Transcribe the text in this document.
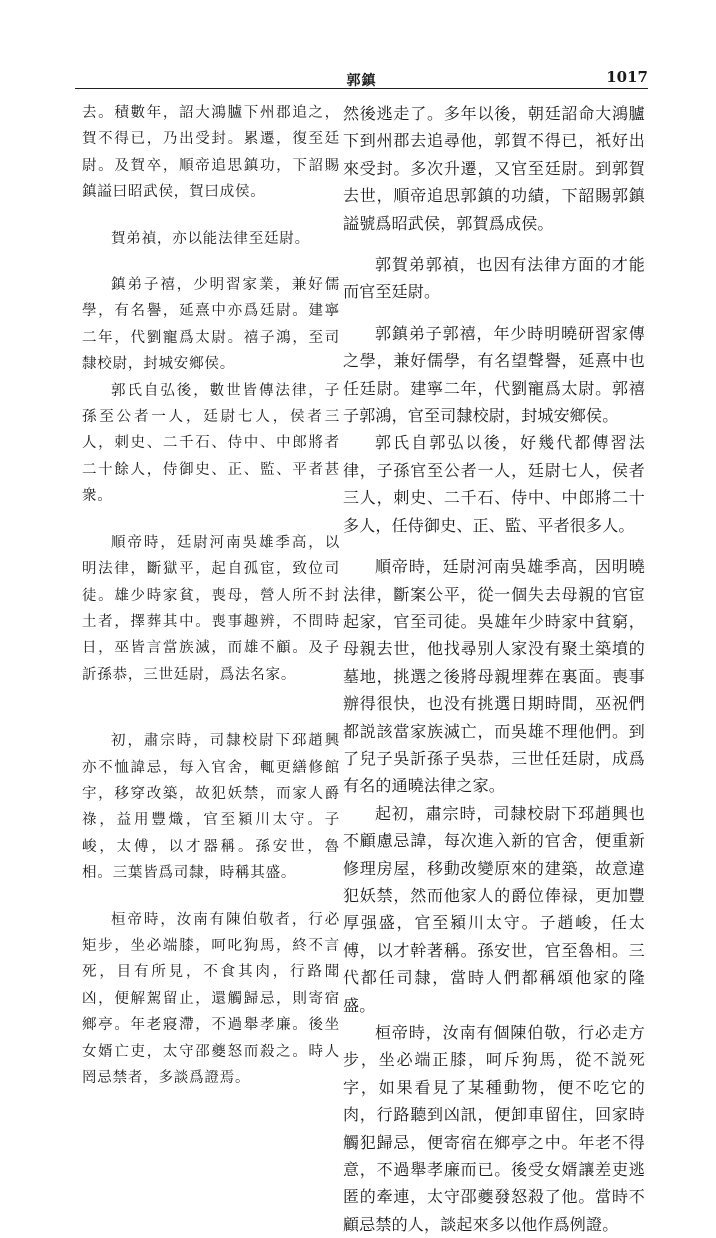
郭鎮	1017

去。積數年，詔大鴻臚下州郡追之，賀不得已，乃出受封。累遷，復至廷尉。及賀卒，順帝追思鎮功，下詔賜鎮謚曰昭武侯，賀曰成侯。

賀弟禎，亦以能法律至廷尉。

鎮弟子禧，少明習家業，兼好儒學，有名譽，延熹中亦爲廷尉。建寧二年，代劉寵爲太尉。禧子鴻，至司隸校尉，封城安鄉侯。

郭氏自弘後，數世皆傳法律，子孫至公者一人，廷尉七人，侯者三人，刺史、二千石、侍中、中郎將者二十餘人，侍御史、正、監、平者甚衆。

順帝時，廷尉河南吳雄季高，以明法律，斷獄平，起自孤宦，致位司徒。雄少時家貧，喪母，營人所不封土者，擇葬其中。喪事趣辨，不問時日，巫皆言當族滅，而雄不顧。及子訢孫恭，三世廷尉，爲法名家。

初，肅宗時，司隸校尉下邳趙興亦不恤諱忌，每入官舍，輒更繕修館宇，移穿改築，故犯妖禁，而家人爵祿，益用豐熾，官至潁川太守。子峻，太傅，以才器稱。孫安世，魯相。三葉皆爲司隸，時稱其盛。

桓帝時，汝南有陳伯敬者，行必矩步，坐必端膝，呵叱狗馬，終不言死，目有所見，不食其肉，行路聞凶，便解駕留止，還觸歸忌，則寄宿鄉亭。年老寢滯，不過舉孝廉。後坐女婿亡吏，太守邵夔怒而殺之。時人罔忌禁者，多談爲證焉。

然後逃走了。多年以後，朝廷詔命大鴻臚下到州郡去追尋他，郭賀不得已，衹好出來受封。多次升遷，又官至廷尉。到郭賀去世，順帝追思郭鎮的功績，下韶賜郭鎮謚號爲昭武侯，郭賀爲成侯。

郭賀弟郭禎，也因有法律方面的才能而官至廷尉。

郭鎮弟子郭禧，年少時明曉研習家傳之學，兼好儒學，有名望聲譽，延熹中也任廷尉。建寧二年，代劉寵爲太尉。郭禧子郭鴻，官至司隸校尉，封城安鄉侯。

郭氏自郭弘以後，好幾代都傳習法律，子孫官至公者一人，廷尉七人，侯者三人，刺史、二千石、侍中、中郎將二十多人，任侍御史、正、監、平者很多人。

順帝時，廷尉河南吳雄季高，因明曉法律，斷案公平，從一個失去母親的官宦起家，官至司徒。吳雄年少時家中貧窮，母親去世，他找尋别人家没有聚土築墳的墓地，挑選之後將母親埋葬在裏面。喪事辦得很快，也没有挑選日期時間，巫祝們都説該當家族滅亡，而吳雄不理他們。到了兒子吳訢孫子吳恭，三世任廷尉，成爲有名的通曉法律之家。

起初，肅宗時，司隸校尉下邳趙興也不顧慮忌諱，每次進入新的官舍，便重新修理房屋，移動改變原來的建築，故意違犯妖禁，然而他家人的爵位俸禄，更加豐厚强盛，官至潁川太守。子趙峻，任太傅，以才幹著稱。孫安世，官至魯相。三代都任司隸，當時人們都稱頌他家的隆盛。

桓帝時，汝南有個陳伯敬，行必走方步，坐必端正膝，呵斥狗馬，從不説死字，如果看見了某種動物，便不吃它的肉，行路聽到凶訊，便卸車留住，回家時觸犯歸忌，便寄宿在鄉亭之中。年老不得意，不過舉孝廉而已。後受女婿讓差吏逃匿的牽連，太守邵夔發怒殺了他。當時不顧忌禁的人，談起來多以他作爲例證。
